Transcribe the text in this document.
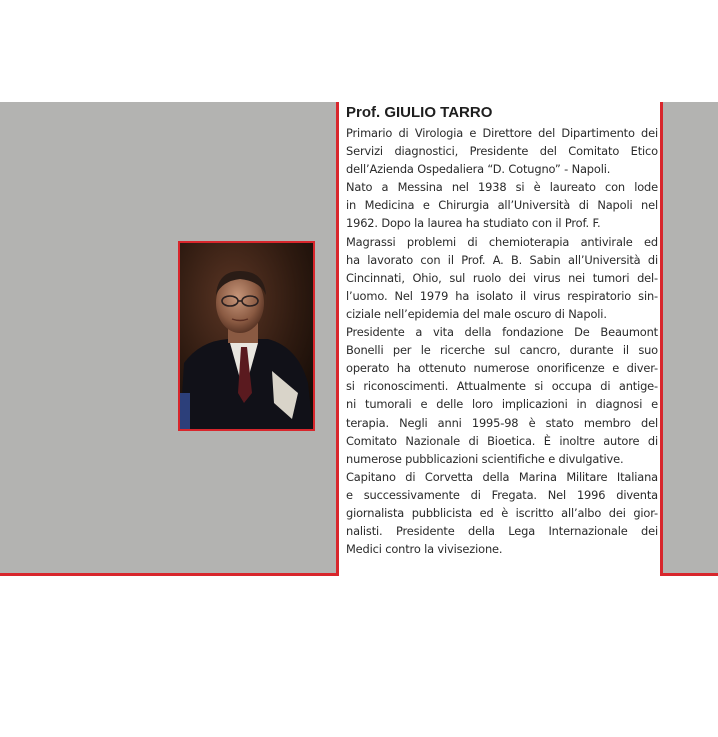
Prof. GIULIO TARRO

Primario di Virologia e Direttore del Dipartimento dei
Servizi diagnostici, Presidente del Comitato Etico
dell’Azienda Ospedaliera “D. Cotugno” - Napoli.
Nato a Messina nel 1938 si è laureato con lode
in Medicina e Chirurgia all’Università di Napoli nel
1962. Dopo la laurea ha studiato con il Prof. F.
Magrassi problemi di chemioterapia antivirale ed
ha lavorato con il Prof. A. B. Sabin all’Università di
Cincinnati, Ohio, sul ruolo dei virus nei tumori del-
l’uomo. Nel 1979 ha isolato il virus respiratorio sin-
ciziale nell’epidemia del male oscuro di Napoli.
Presidente a vita della fondazione De Beaumont
Bonelli per le ricerche sul cancro, durante il suo
operato ha ottenuto numerose onorificenze e diver-
si riconoscimenti. Attualmente si occupa di antige-
ni tumorali e delle loro implicazioni in diagnosi e
terapia. Negli anni 1995-98 è stato membro del
Comitato Nazionale di Bioetica. È inoltre autore di
numerose pubblicazioni scientifiche e divulgative.
Capitano di Corvetta della Marina Militare Italiana
e successivamente di Fregata. Nel 1996 diventa
giornalista pubblicista ed è iscritto all’albo dei gior-
nalisti. Presidente della Lega Internazionale dei
Medici contro la vivisezione.
